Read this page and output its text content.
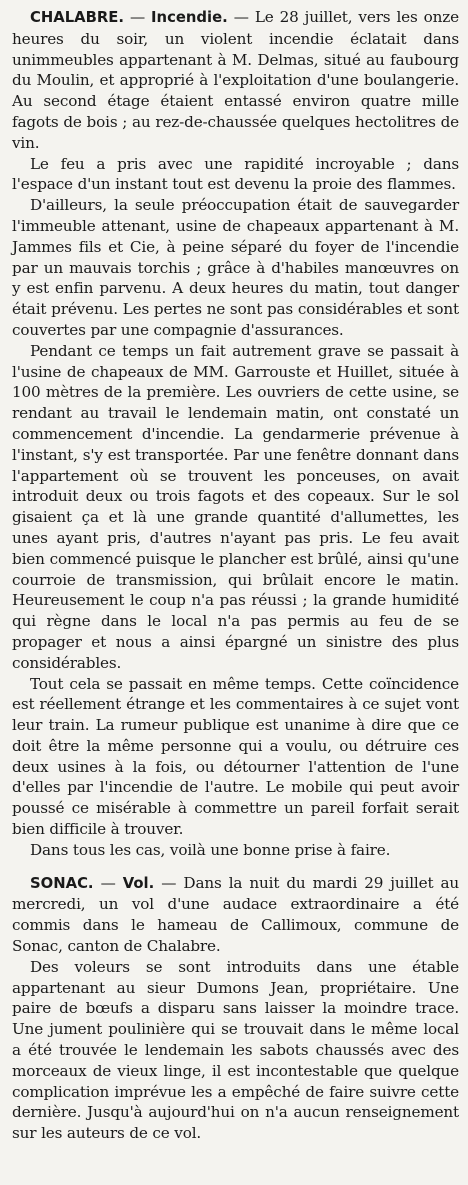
CHALABRE. — Incendie. — Le 28 juillet, vers les onze heures du soir, un violent incendie éclatait dans unimmeubles appartenant à M. Delmas, situé au faubourg du Moulin, et approprié à l'exploitation d'une boulangerie. Au second étage étaient entassé environ quatre mille fagots de bois ; au rez-de-chaussée quelques hectolitres de vin.

Le feu a pris avec une rapidité incroyable ; dans l'espace d'un instant tout est devenu la proie des flammes.

D'ailleurs, la seule préoccupation était de sauvegarder l'immeuble attenant, usine de chapeaux appartenant à M. Jammes fils et Cie, à peine séparé du foyer de l'incendie par un mauvais torchis ; grâce à d'habiles manœuvres on y est enfin parvenu. A deux heures du matin, tout danger était prévenu. Les pertes ne sont pas considérables et sont couvertes par une compagnie d'assurances.

Pendant ce temps un fait autrement grave se passait à l'usine de chapeaux de MM. Garrouste et Huillet, située à 100 mètres de la première. Les ouvriers de cette usine, se rendant au travail le lendemain matin, ont constaté un commencement d'incendie. La gendarmerie prévenue à l'instant, s'y est transportée. Par une fenêtre donnant dans l'appartement où se trouvent les ponceuses, on avait introduit deux ou trois fagots et des copeaux. Sur le sol gisaient ça et là une grande quantité d'allumettes, les unes ayant pris, d'autres n'ayant pas pris. Le feu avait bien commencé puisque le plancher est brûlé, ainsi qu'une courroie de transmission, qui brûlait encore le matin. Heureusement le coup n'a pas réussi ; la grande humidité qui règne dans le local n'a pas permis au feu de se propager et nous a ainsi épargné un sinistre des plus considérables.

Tout cela se passait en même temps. Cette coïncidence est réellement étrange et les commentaires à ce sujet vont leur train. La rumeur publique est unanime à dire que ce doit être la même personne qui a voulu, ou détruire ces deux usines à la fois, ou détourner l'attention de l'une d'elles par l'incendie de l'autre. Le mobile qui peut avoir poussé ce misérable à commettre un pareil forfait serait bien difficile à trouver.

Dans tous les cas, voilà une bonne prise à faire.

SONAC. — Vol. — Dans la nuit du mardi 29 juillet au mercredi, un vol d'une audace extraordinaire a été commis dans le hameau de Callimoux, commune de Sonac, canton de Chalabre.

Des voleurs se sont introduits dans une étable appartenant au sieur Dumons Jean, propriétaire. Une paire de bœufs a disparu sans laisser la moindre trace. Une jument poulinière qui se trouvait dans le même local a été trouvée le lendemain les sabots chaussés avec des morceaux de vieux linge, il est incontestable que quelque complication imprévue les a empêché de faire suivre cette dernière. Jusqu'à aujourd'hui on n'a aucun renseignement sur les auteurs de ce vol.
